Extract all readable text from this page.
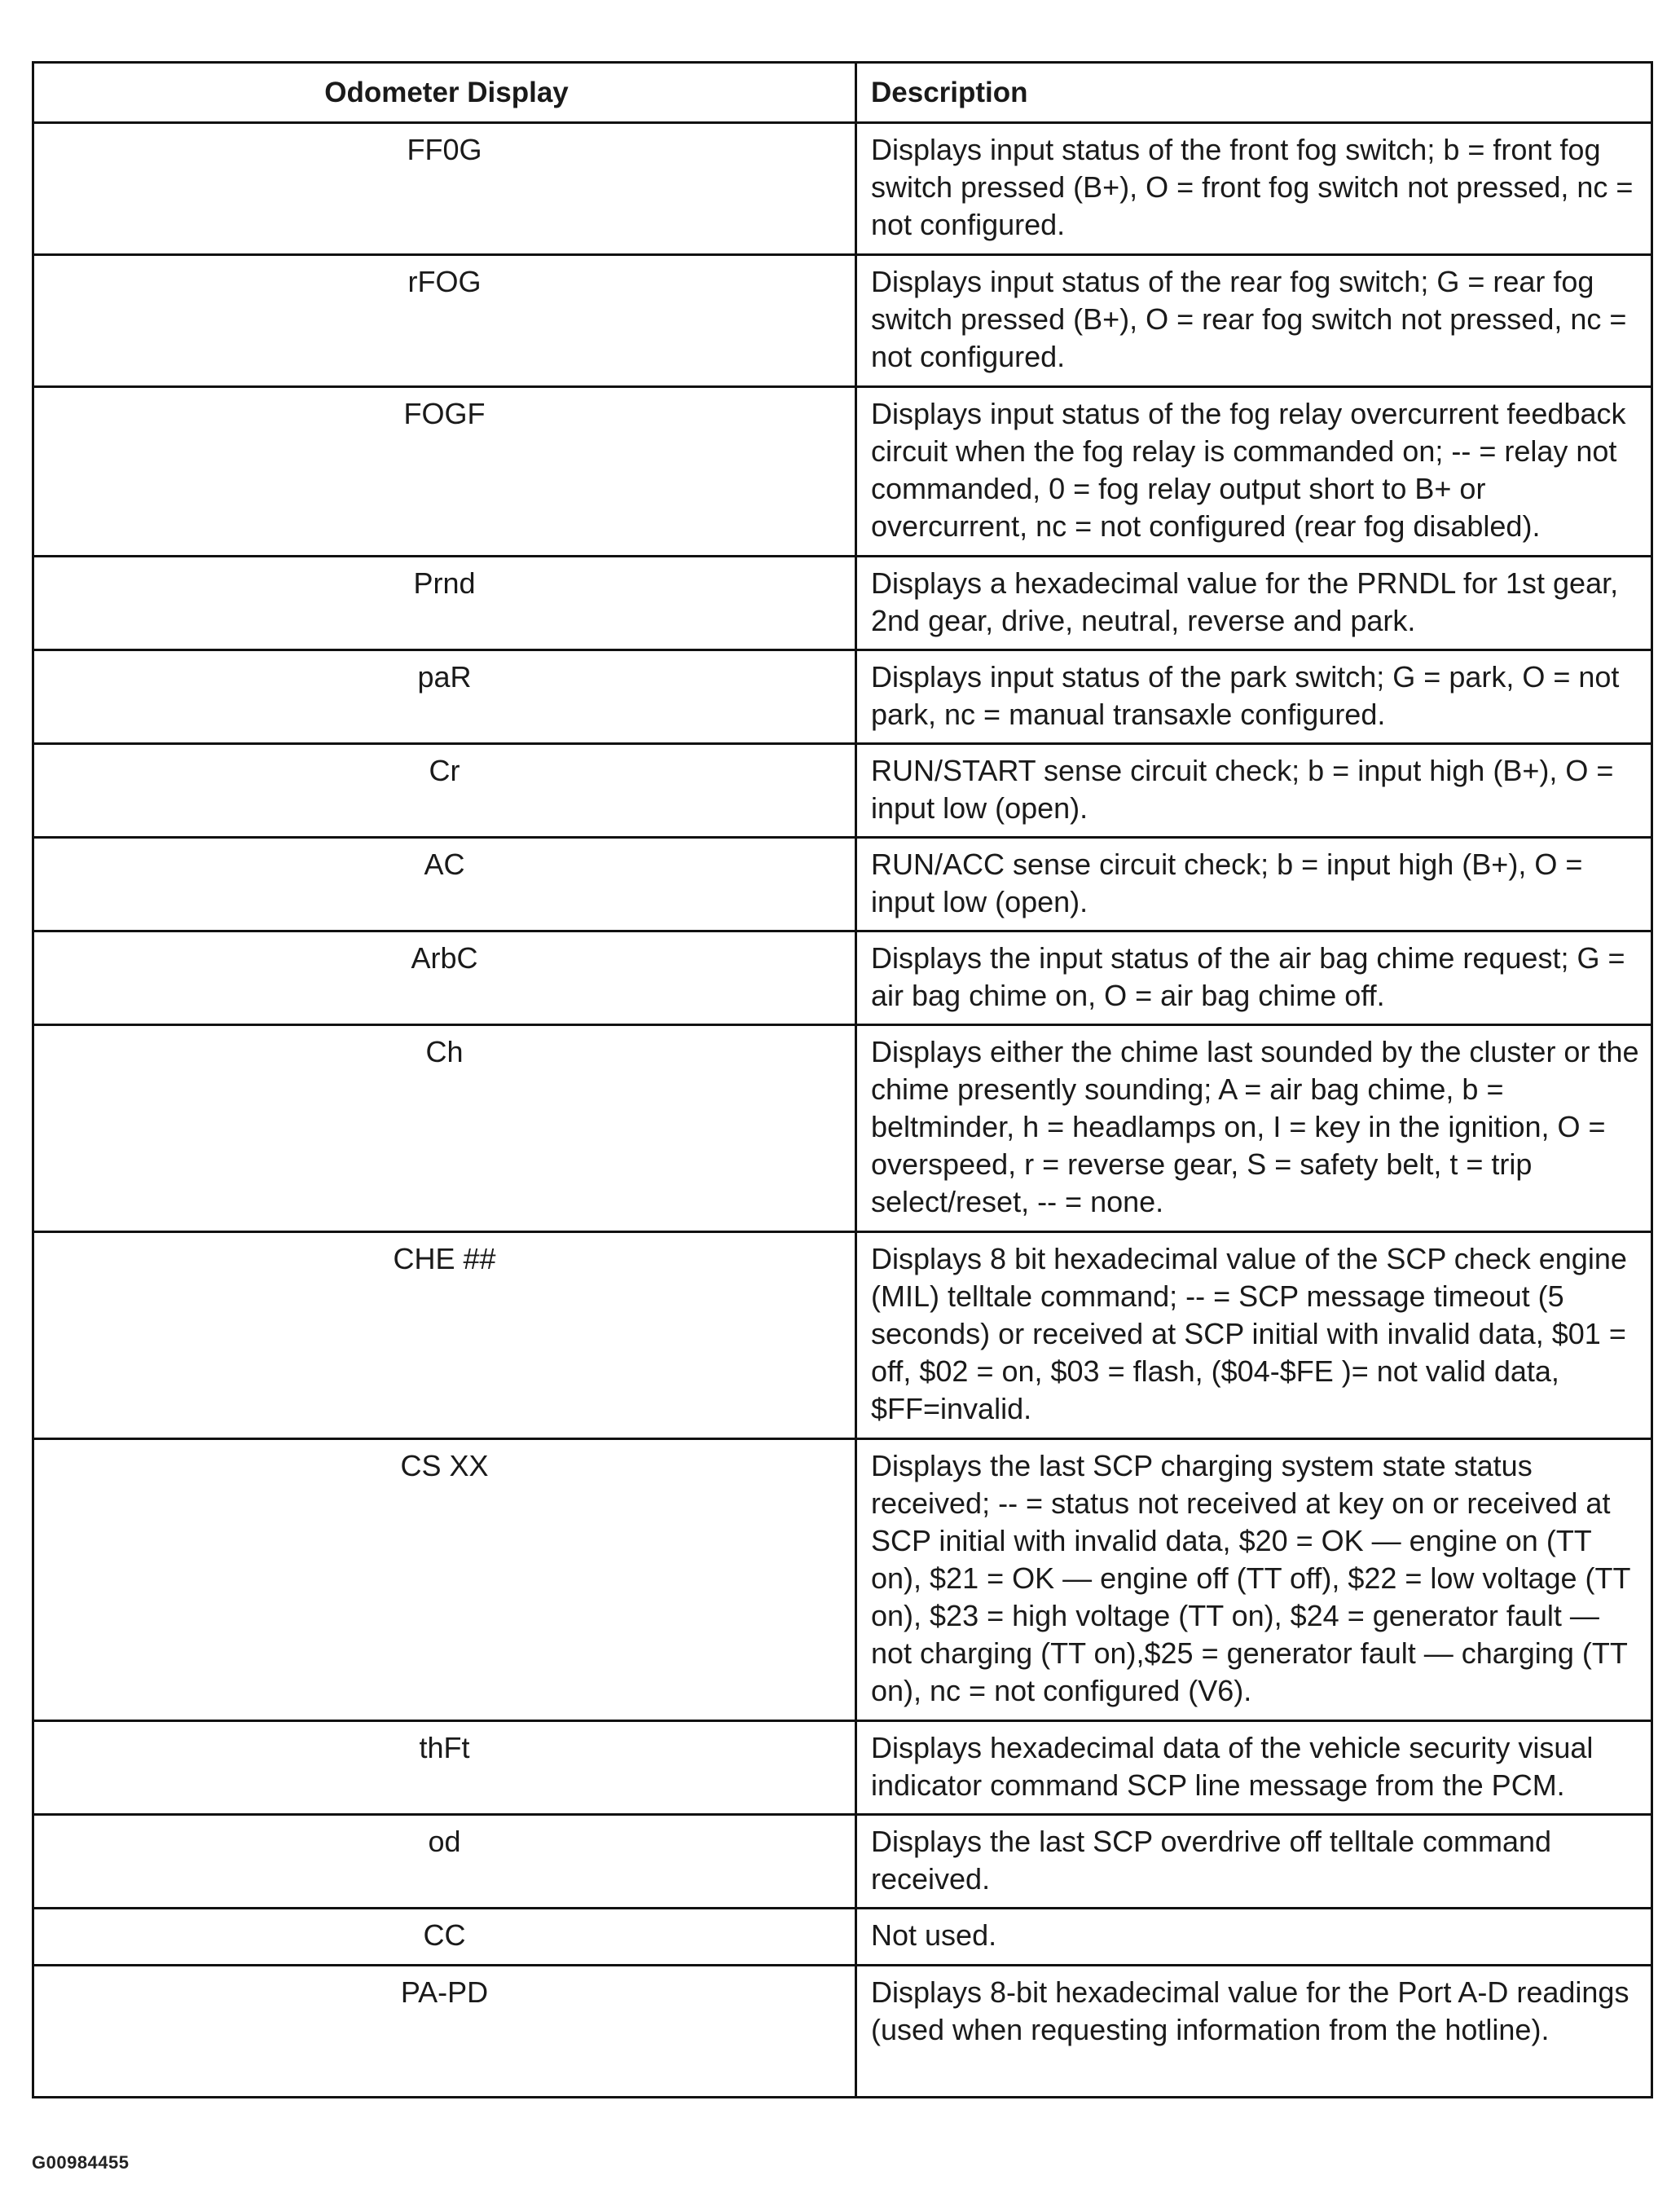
Odometer Display	Description
FF0G	Displays input status of the front fog switch; b = front fog switch pressed (B+), O = front fog switch not pressed, nc = not configured.
rFOG	Displays input status of the rear fog switch; G = rear fog switch pressed (B+), O = rear fog switch not pressed, nc = not configured.
FOGF	Displays input status of the fog relay overcurrent feedback circuit when the fog relay is commanded on; -- = relay not commanded, 0 = fog relay output short to B+ or overcurrent, nc = not configured (rear fog disabled).
Prnd	Displays a hexadecimal value for the PRNDL for 1st gear, 2nd gear, drive, neutral, reverse and park.
paR	Displays input status of the park switch; G = park, O = not park, nc = manual transaxle configured.
Cr	RUN/START sense circuit check; b = input high (B+), O = input low (open).
AC	RUN/ACC sense circuit check; b = input high (B+), O = input low (open).
ArbC	Displays the input status of the air bag chime request; G = air bag chime on, O = air bag chime off.
Ch	Displays either the chime last sounded by the cluster or the chime presently sounding; A = air bag chime, b = beltminder, h = headlamps on, I = key in the ignition, O = overspeed, r = reverse gear, S = safety belt, t = trip select/reset, -- = none.
CHE ##	Displays 8 bit hexadecimal value of the SCP check engine (MIL) telltale command; -- = SCP message timeout (5 seconds) or received at SCP initial with invalid data, $01 = off, $02 = on, $03 = flash, ($04-$FE )= not valid data, $FF=invalid.
CS XX	Displays the last SCP charging system state status received; -- = status not received at key on or received at SCP initial with invalid data, $20 = OK — engine on (TT on), $21 = OK — engine off (TT off), $22 = low voltage (TT on), $23 = high voltage (TT on), $24 = generator fault — not charging (TT on),$25 = generator fault — charging (TT on), nc = not configured (V6).
thFt	Displays hexadecimal data of the vehicle security visual indicator command SCP line message from the PCM.
od	Displays the last SCP overdrive off telltale command received.
CC	Not used.
PA-PD	Displays 8-bit hexadecimal value for the Port A-D readings (used when requesting information from the hotline).
G00984455
